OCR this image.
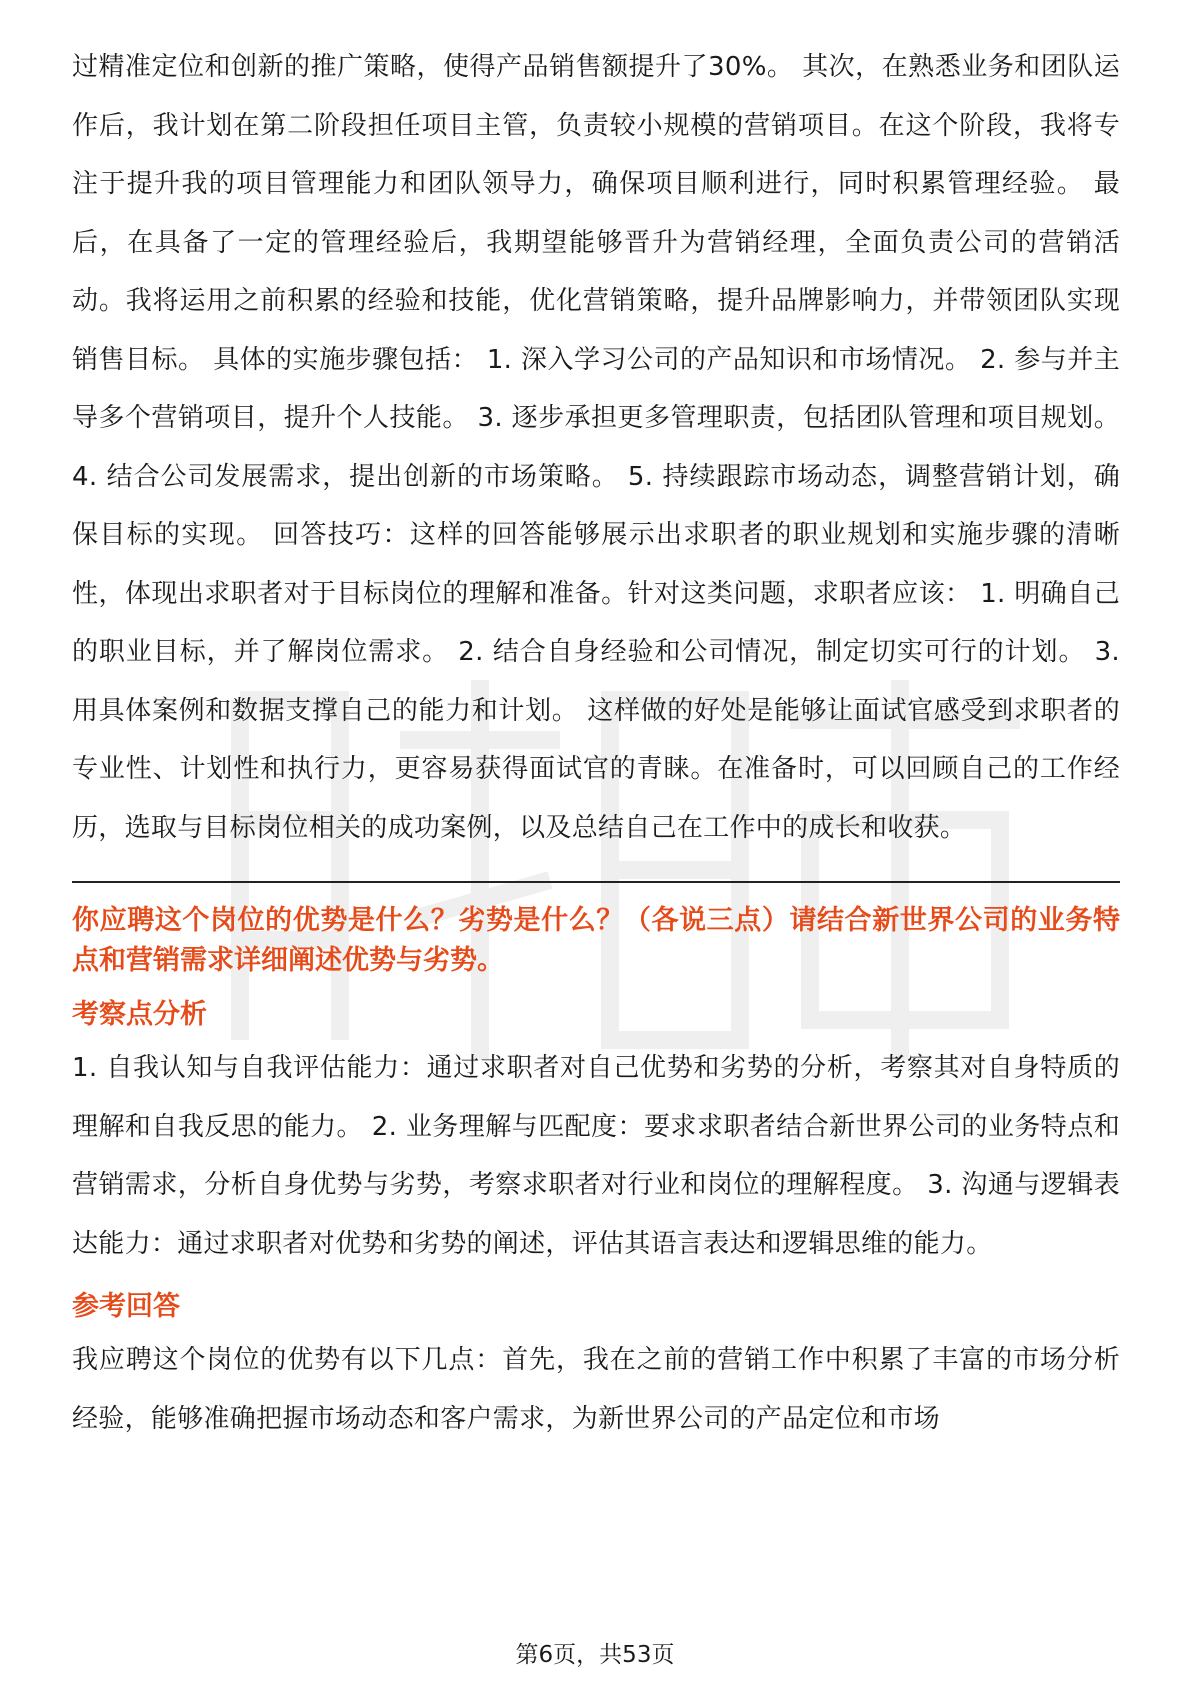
过精准定位和创新的推广策略，使得产品销售额提升了30%。 其次，在熟悉业务和团队运作后，我计划在第二阶段担任项目主管，负责较小规模的营销项目。在这个阶段，我将专注于提升我的项目管理能力和团队领导力，确保项目顺利进行，同时积累管理经验。 最后，在具备了一定的管理经验后，我期望能够晋升为营销经理，全面负责公司的营销活动。我将运用之前积累的经验和技能，优化营销策略，提升品牌影响力，并带领团队实现销售目标。 具体的实施步骤包括： 1. 深入学习公司的产品知识和市场情况。 2. 参与并主导多个营销项目，提升个人技能。 3. 逐步承担更多管理职责，包括团队管理和项目规划。 4. 结合公司发展需求，提出创新的市场策略。 5. 持续跟踪市场动态，调整营销计划，确保目标的实现。 回答技巧：这样的回答能够展示出求职者的职业规划和实施步骤的清晰性，体现出求职者对于目标岗位的理解和准备。针对这类问题，求职者应该： 1. 明确自己的职业目标，并了解岗位需求。 2. 结合自身经验和公司情况，制定切实可行的计划。 3. 用具体案例和数据支撑自己的能力和计划。 这样做的好处是能够让面试官感受到求职者的专业性、计划性和执行力，更容易获得面试官的青睐。在准备时，可以回顾自己的工作经历，选取与目标岗位相关的成功案例，以及总结自己在工作中的成长和收获。

你应聘这个岗位的优势是什么？劣势是什么？（各说三点）请结合新世界公司的业务特点和营销需求详细阐述优势与劣势。

考察点分析

1. 自我认知与自我评估能力：通过求职者对自己优势和劣势的分析，考察其对自身特质的理解和自我反思的能力。 2. 业务理解与匹配度：要求求职者结合新世界公司的业务特点和营销需求，分析自身优势与劣势，考察求职者对行业和岗位的理解程度。 3. 沟通与逻辑表达能力：通过求职者对优势和劣势的阐述，评估其语言表达和逻辑思维的能力。

参考回答

我应聘这个岗位的优势有以下几点：首先，我在之前的营销工作中积累了丰富的市场分析经验，能够准确把握市场动态和客户需求，为新世界公司的产品定位和市场

第6页，共53页
